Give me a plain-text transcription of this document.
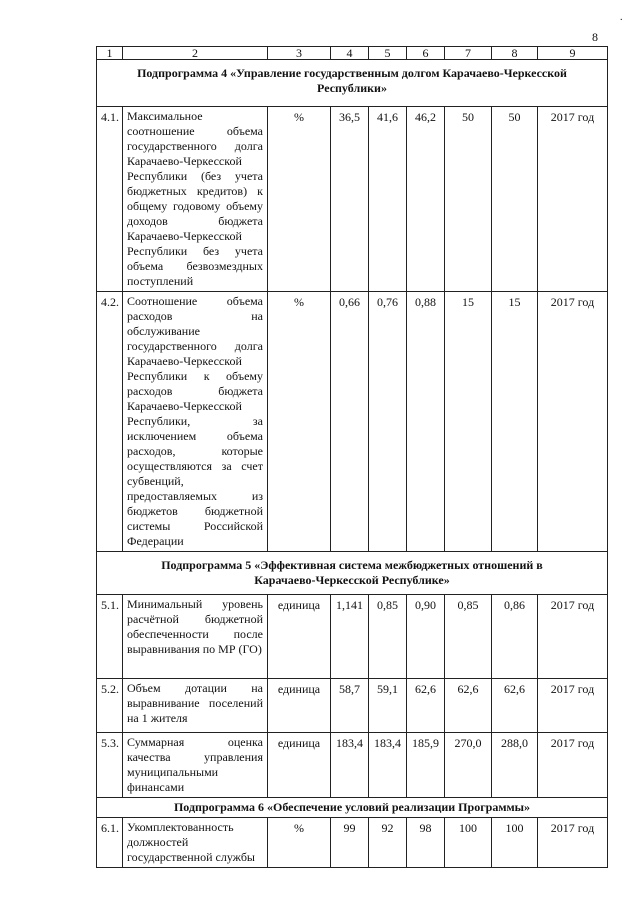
8
.
1	2	3	4	5	6	7	8	9
Подпрограмма 4 «Управление государственным долгом Карачаево-Черкесской Республики»								
4.1.	Максимальное соотношение объема государственного долга Карачаево-Черкесской Республики (без учета бюджетных кредитов) к общему годовому объему доходов бюджета Карачаево-Черкесской Республики без учета объема безвозмездных поступлений	%	36,5	41,6	46,2	50	50	2017 год
4.2.	Соотношение объема расходов на обслуживание государственного долга Карачаево-Черкесской Республики к объему расходов бюджета Карачаево-Черкесской Республики, за исключением объема расходов, которые осуществляются за счет субвенций, предоставляемых из бюджетов бюджетной системы Российской Федерации	%	0,66	0,76	0,88	15	15	2017 год
Подпрограмма 5 «Эффективная система межбюджетных отношений в Карачаево-Черкесской Республике»								
5.1.	Минимальный уровень расчётной бюджетной обеспеченности после выравнивания по МР (ГО)	единица	1,141	0,85	0,90	0,85	0,86	2017 год
5.2.	Объем дотации на выравнивание поселений на 1 жителя	единица	58,7	59,1	62,6	62,6	62,6	2017 год
5.3.	Суммарная оценка качества управления муниципальными финансами	единица	183,4	183,4	185,9	270,0	288,0	2017 год
Подпрограмма 6 «Обеспечение условий реализации Программы»								
6.1.	Укомплектованность должностей государственной службы	%	99	92	98	100	100	2017 год
